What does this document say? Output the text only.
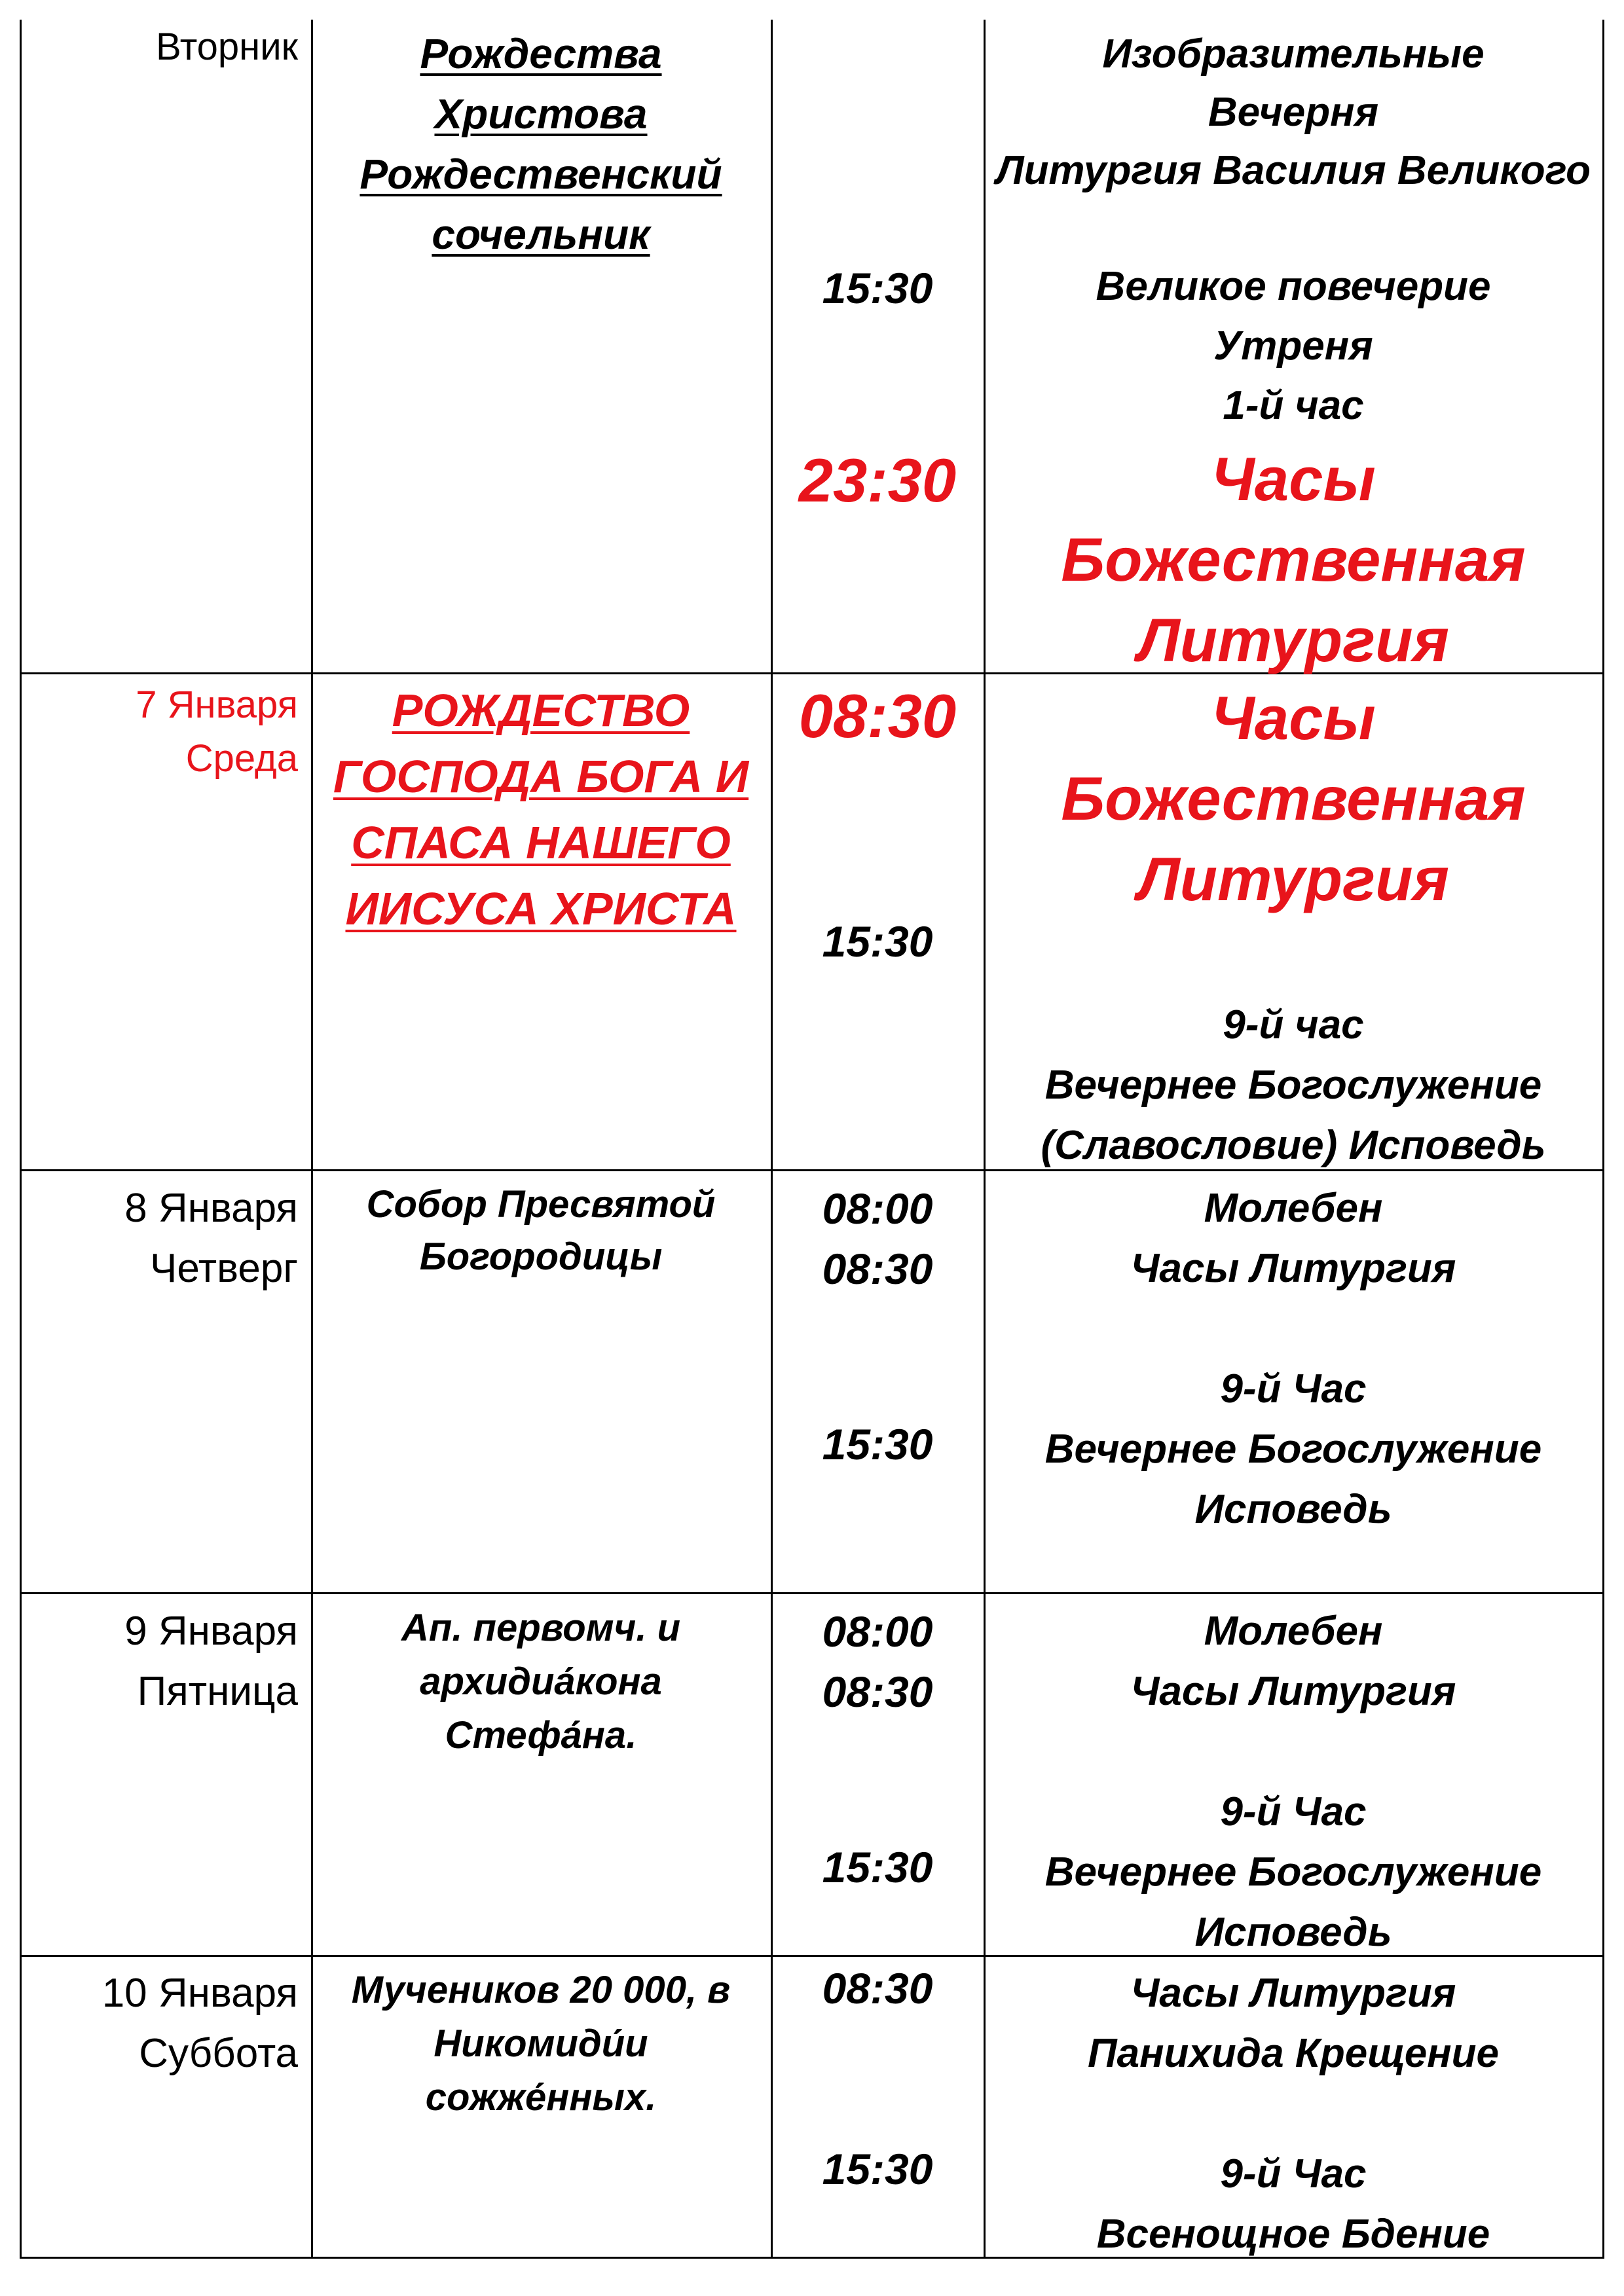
Вторник	Рождества
Христова
Рождественский
сочельник
15:30
23:30
Изобразительные
Вечерня
Литургия Василия Великого
Великое повечерие
Утреня
1-й час
Часы
Божественная
Литургия
7 Января
Среда
РОЖДЕСТВО
ГОСПОДА БОГА И
СПАСА НАШЕГО
ИИСУСА ХРИСТА
08:30
15:30
Часы
Божественная
Литургия
9-й час
Вечернее Богослужение
(Славословие) Исповедь
8 Января
Четверг
Собор Пресвятой
Богородицы
08:00
08:30
15:30
Молебен
Часы Литургия
9-й Час
Вечернее Богослужение
Исповедь
9 Января
Пятница
Ап. первомч. и
архидиа́кона
Стефа́на.
08:00
08:30
15:30
Молебен
Часы Литургия
9-й Час
Вечернее Богослужение
Исповедь
10 Января
Суббота
Мучеников 20 000, в
Никомиди́и
сожже́нных.
08:30
15:30
Часы Литургия
Панихида Крещение
9-й Час
Всенощное Бдение
